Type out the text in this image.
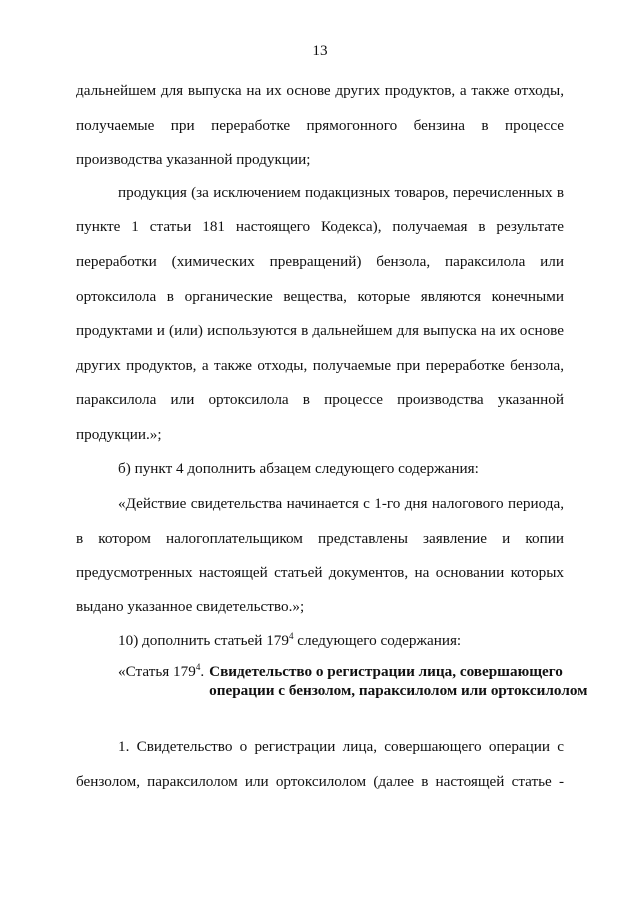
13
дальнейшем для выпуска на их основе других продуктов, а также отходы,
получаемые при переработке прямогонного бензина в процессе
производства указанной продукции;
продукция (за исключением подакцизных товаров, перечисленных в
пункте 1 статьи 181 настоящего Кодекса), получаемая в результате
переработки (химических превращений) бензола, параксилола или
ортоксилола в органические вещества, которые являются конечными
продуктами и (или) используются в дальнейшем для выпуска на их основе
других продуктов, а также отходы, получаемые при переработке бензола,
параксилола или ортоксилола в процессе производства указанной
продукции.»;
б) пункт 4 дополнить абзацем следующего содержания:
«Действие свидетельства начинается с 1-го дня налогового периода,
в котором налогоплательщиком представлены заявление и копии
предусмотренных настоящей статьей документов, на основании которых
выдано указанное свидетельство.»;
10) дополнить статьей $179^4$ следующего содержания:
«Статья $179^4$. Свидетельство о регистрации лица, совершающего операции с бензолом, параксилолом или ортоксилолом
1. Свидетельство о регистрации лица, совершающего операции с
бензолом, параксилолом или ортоксилолом (далее в настоящей статье -
